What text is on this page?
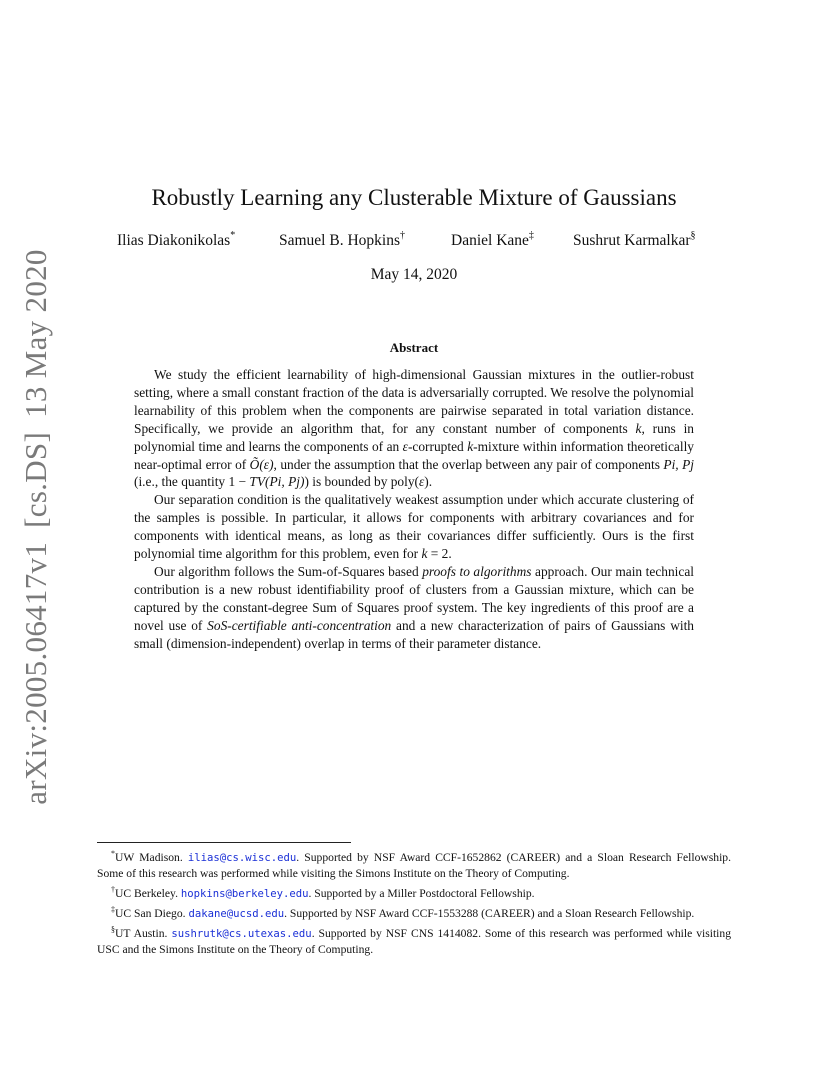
arXiv:2005.06417v1[cs.DS]13 May 2020
Robustly Learning any Clusterable Mixture of Gaussians
Ilias Diakonikolas*	Samuel B. Hopkins†	Daniel Kane‡	Sushrut Karmalkar§
May 14, 2020
Abstract

We study the efficient learnability of high-dimensional Gaussian mixtures in the outlier-robust setting, where a small constant fraction of the data is adversarially corrupted. We resolve the polynomial learnability of this problem when the components are pairwise separated in total variation distance. Specifically, we provide an algorithm that, for any constant number of components k, runs in polynomial time and learns the components of an ε-corrupted k-mixture within information theoretically near-optimal error of Õ(ε), under the assumption that the overlap between any pair of components Pi, Pj (i.e., the quantity 1 − TV(Pi, Pj)) is bounded by poly(ε).

Our separation condition is the qualitatively weakest assumption under which accurate clustering of the samples is possible. In particular, it allows for components with arbitrary covariances and for components with identical means, as long as their covariances differ sufficiently. Ours is the first polynomial time algorithm for this problem, even for k = 2.

Our algorithm follows the Sum-of-Squares based proofs to algorithms approach. Our main technical contribution is a new robust identifiability proof of clusters from a Gaussian mixture, which can be captured by the constant-degree Sum of Squares proof system. The key ingredients of this proof are a novel use of SoS-certifiable anti-concentration and a new characterization of pairs of Gaussians with small (dimension-independent) overlap in terms of their parameter distance.

*UW Madison. ilias@cs.wisc.edu. Supported by NSF Award CCF-1652862 (CAREER) and a Sloan Research Fellowship. Some of this research was performed while visiting the Simons Institute on the Theory of Computing.

†UC Berkeley. hopkins@berkeley.edu. Supported by a Miller Postdoctoral Fellowship.

‡UC San Diego. dakane@ucsd.edu. Supported by NSF Award CCF-1553288 (CAREER) and a Sloan Research Fellowship.

§UT Austin. sushrutk@cs.utexas.edu. Supported by NSF CNS 1414082. Some of this research was performed while visiting USC and the Simons Institute on the Theory of Computing.
